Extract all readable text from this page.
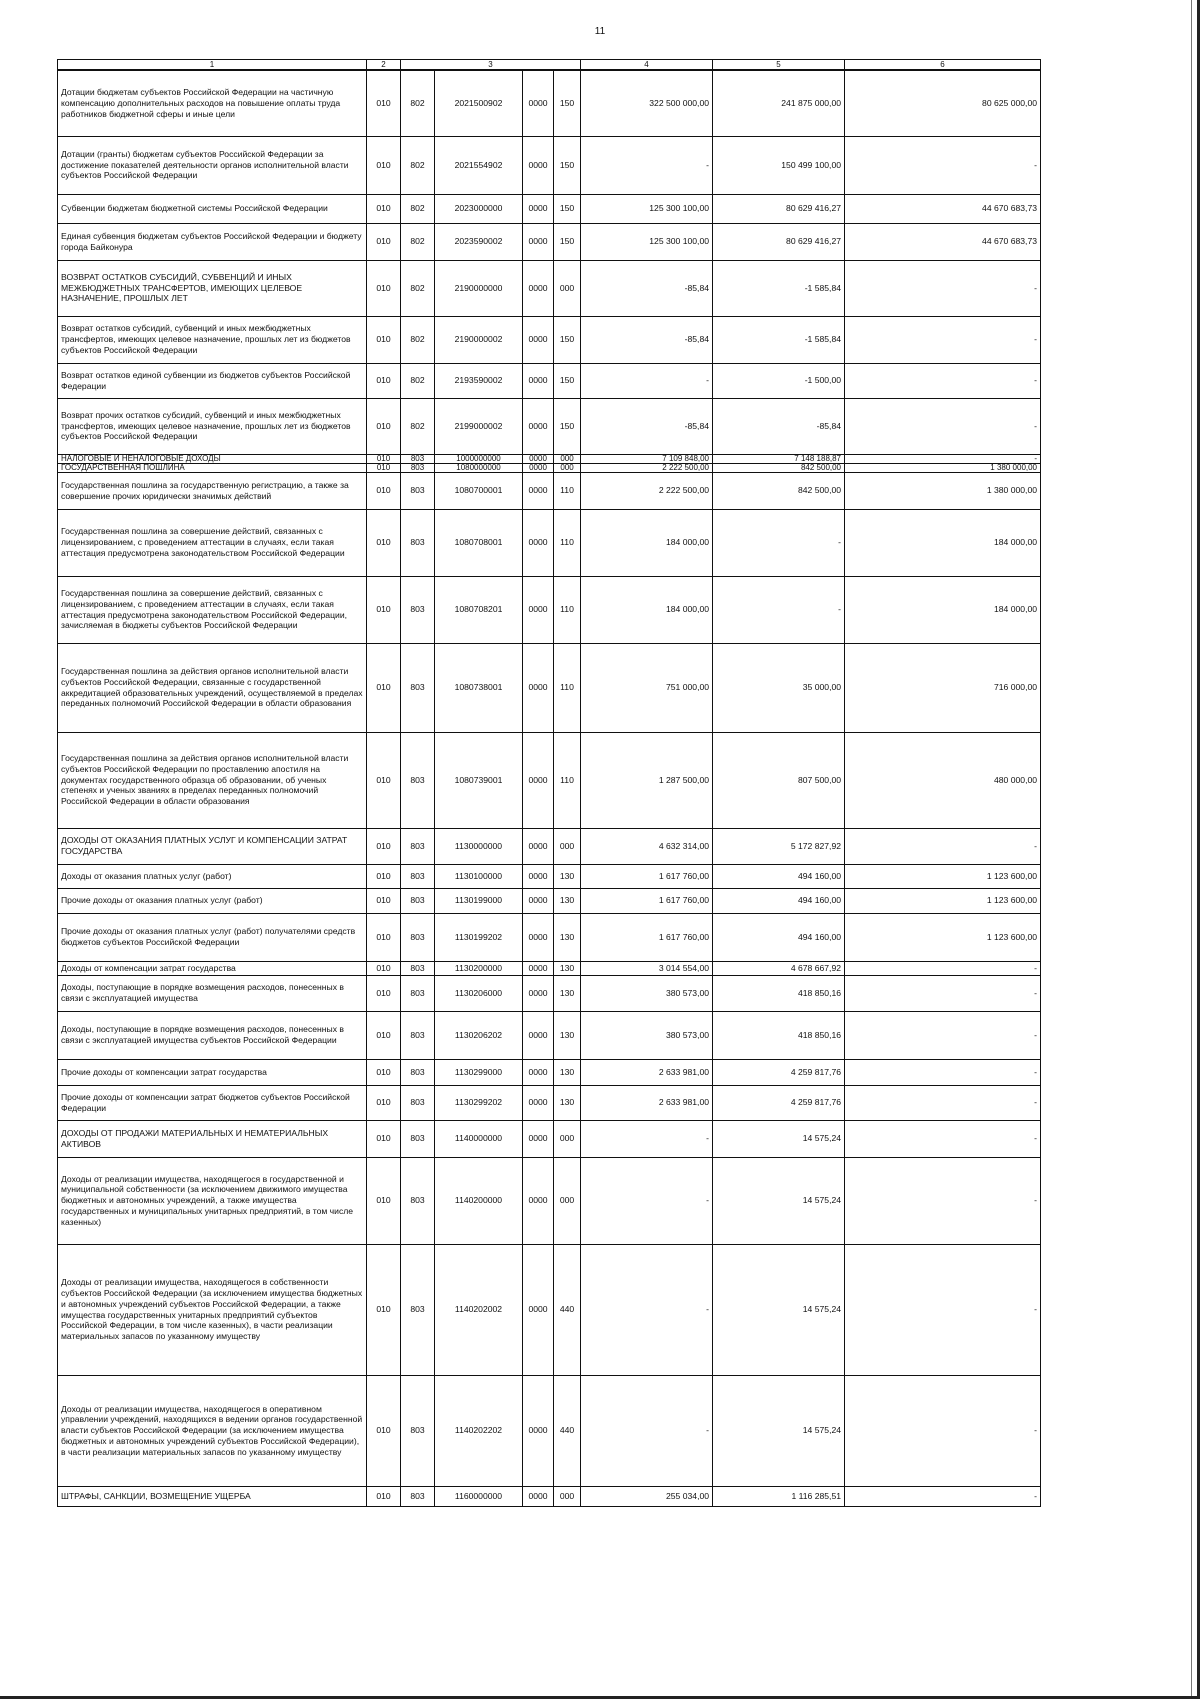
11
1	2	3				4	5	6
Дотации бюджетам субъектов Российской Федерации на частичную компенсацию дополнительных расходов на повышение оплаты труда работников бюджетной сферы и иные цели	010	802	2021500902	0000	150	322 500 000,00	241 875 000,00	80 625 000,00
Дотации (гранты) бюджетам субъектов Российской Федерации за достижение показателей деятельности органов исполнительной власти субъектов Российской Федерации	010	802	2021554902	0000	150	-	150 499 100,00	-
Субвенции бюджетам бюджетной системы Российской Федерации	010	802	2023000000	0000	150	125 300 100,00	80 629 416,27	44 670 683,73
Единая субвенция бюджетам субъектов Российской Федерации и бюджету города Байконура	010	802	2023590002	0000	150	125 300 100,00	80 629 416,27	44 670 683,73
ВОЗВРАТ ОСТАТКОВ СУБСИДИЙ, СУБВЕНЦИЙ И ИНЫХ МЕЖБЮДЖЕТНЫХ ТРАНСФЕРТОВ, ИМЕЮЩИХ ЦЕЛЕВОЕ НАЗНАЧЕНИЕ, ПРОШЛЫХ ЛЕТ	010	802	2190000000	0000	000	-85,84	-1 585,84	-
Возврат остатков субсидий, субвенций и иных межбюджетных трансфертов, имеющих целевое назначение, прошлых лет из бюджетов субъектов Российской Федерации	010	802	2190000002	0000	150	-85,84	-1 585,84	-
Возврат остатков единой субвенции из бюджетов субъектов Российской Федерации	010	802	2193590002	0000	150	-	-1 500,00	-
Возврат прочих остатков субсидий, субвенций и иных межбюджетных трансфертов, имеющих целевое назначение, прошлых лет из бюджетов субъектов Российской Федерации	010	802	2199000002	0000	150	-85,84	-85,84	-
НАЛОГОВЫЕ И НЕНАЛОГОВЫЕ ДОХОДЫ	010	803	1000000000	0000	000	7 109 848,00	7 148 188,87	-
ГОСУДАРСТВЕННАЯ ПОШЛИНА	010	803	1080000000	0000	000	2 222 500,00	842 500,00	1 380 000,00
Государственная пошлина за государственную регистрацию, а также за совершение прочих юридически значимых действий	010	803	1080700001	0000	110	2 222 500,00	842 500,00	1 380 000,00
Государственная пошлина за совершение действий, связанных с лицензированием, с проведением аттестации в случаях, если такая аттестация предусмотрена законодательством Российской Федерации	010	803	1080708001	0000	110	184 000,00	-	184 000,00
Государственная пошлина за совершение действий, связанных с лицензированием, с проведением аттестации в случаях, если такая аттестация предусмотрена законодательством Российской Федерации, зачисляемая в бюджеты субъектов Российской Федерации	010	803	1080708201	0000	110	184 000,00	-	184 000,00
Государственная пошлина за действия органов исполнительной власти субъектов Российской Федерации, связанные с государственной аккредитацией образовательных учреждений, осуществляемой в пределах переданных полномочий Российской Федерации в области образования	010	803	1080738001	0000	110	751 000,00	35 000,00	716 000,00
Государственная пошлина за действия органов исполнительной власти субъектов Российской Федерации по проставлению апостиля на документах государственного образца об образовании, об ученых степенях и ученых званиях в пределах переданных полномочий Российской Федерации в области образования	010	803	1080739001	0000	110	1 287 500,00	807 500,00	480 000,00
ДОХОДЫ ОТ ОКАЗАНИЯ ПЛАТНЫХ УСЛУГ И КОМПЕНСАЦИИ ЗАТРАТ ГОСУДАРСТВА	010	803	1130000000	0000	000	4 632 314,00	5 172 827,92	-
Доходы от оказания платных услуг (работ)	010	803	1130100000	0000	130	1 617 760,00	494 160,00	1 123 600,00
Прочие доходы от оказания платных услуг (работ)	010	803	1130199000	0000	130	1 617 760,00	494 160,00	1 123 600,00
Прочие доходы от оказания платных услуг (работ) получателями средств бюджетов субъектов Российской Федерации	010	803	1130199202	0000	130	1 617 760,00	494 160,00	1 123 600,00
Доходы от компенсации затрат государства	010	803	1130200000	0000	130	3 014 554,00	4 678 667,92	-
Доходы, поступающие в порядке возмещения расходов, понесенных в связи с эксплуатацией имущества	010	803	1130206000	0000	130	380 573,00	418 850,16	-
Доходы, поступающие в порядке возмещения расходов, понесенных в связи с эксплуатацией имущества субъектов Российской Федерации	010	803	1130206202	0000	130	380 573,00	418 850,16	-
Прочие доходы от компенсации затрат государства	010	803	1130299000	0000	130	2 633 981,00	4 259 817,76	-
Прочие доходы от компенсации затрат бюджетов субъектов Российской Федерации	010	803	1130299202	0000	130	2 633 981,00	4 259 817,76	-
ДОХОДЫ ОТ ПРОДАЖИ МАТЕРИАЛЬНЫХ И НЕМАТЕРИАЛЬНЫХ АКТИВОВ	010	803	1140000000	0000	000	-	14 575,24	-
Доходы от реализации имущества, находящегося в государственной и муниципальной собственности (за исключением движимого имущества бюджетных и автономных учреждений, а также имущества государственных и муниципальных унитарных предприятий, в том числе казенных)	010	803	1140200000	0000	000	-	14 575,24	-
Доходы от реализации имущества, находящегося в собственности субъектов Российской Федерации (за исключением имущества бюджетных и автономных учреждений субъектов Российской Федерации, а также имущества государственных унитарных предприятий субъектов Российской Федерации, в том числе казенных), в части реализации материальных запасов по указанному имуществу	010	803	1140202002	0000	440	-	14 575,24	-
Доходы от реализации имущества, находящегося в оперативном управлении учреждений, находящихся в ведении органов государственной власти субъектов Российской Федерации (за исключением имущества бюджетных и автономных учреждений субъектов Российской Федерации), в части реализации материальных запасов по указанному имуществу	010	803	1140202202	0000	440	-	14 575,24	-
ШТРАФЫ, САНКЦИИ, ВОЗМЕЩЕНИЕ УЩЕРБА	010	803	1160000000	0000	000	255 034,00	1 116 285,51	-
